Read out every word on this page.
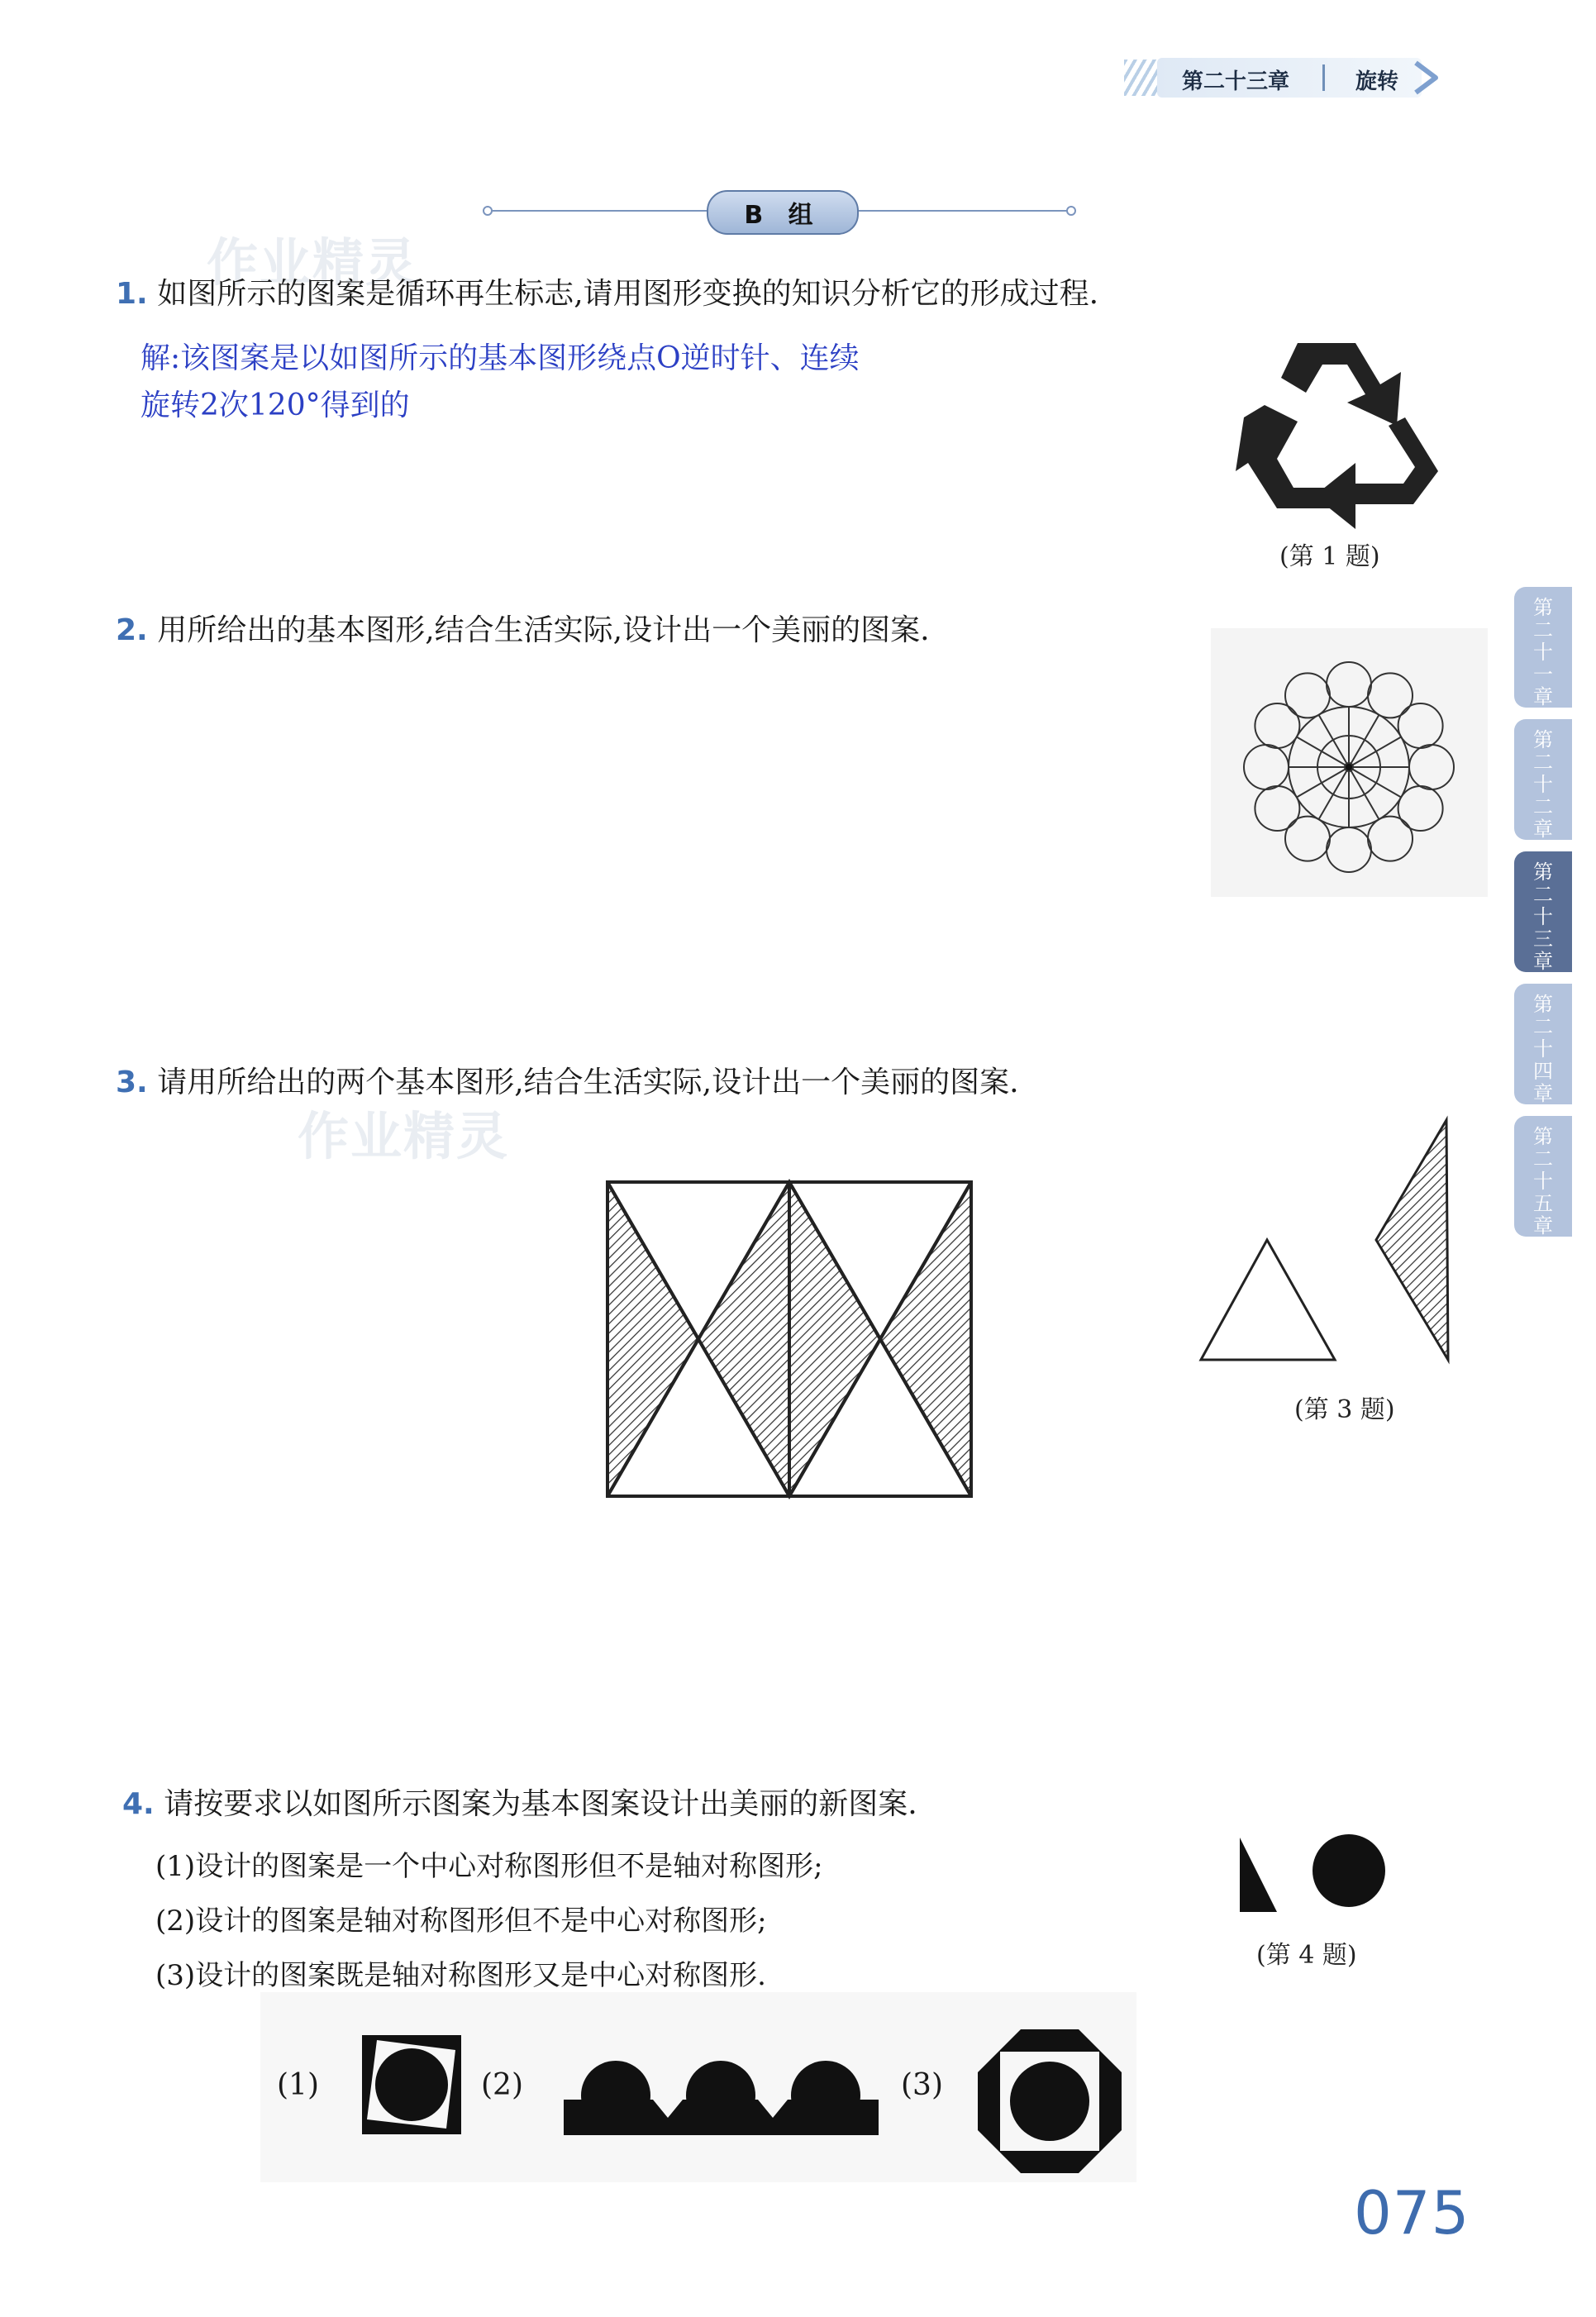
第二十三章	旋转
B 组
作业精灵
作业精灵
1. 如图所示的图案是循环再生标志,请用图形变换的知识分析它的形成过程.
解:该图案是以如图所示的基本图形绕点O逆时针、连续
旋转2次120°得到的
(第 1 题)
2. 用所给出的基本图形,结合生活实际,设计出一个美丽的图案.
3. 请用所给出的两个基本图形,结合生活实际,设计出一个美丽的图案.
(第 3 题)
4. 请按要求以如图所示图案为基本图案设计出美丽的新图案.
(1)设计的图案是一个中心对称图形但不是轴对称图形;
(2)设计的图案是轴对称图形但不是中心对称图形;
(3)设计的图案既是轴对称图形又是中心对称图形.
(第 4 题)
(1)	(2)	(3)
第
二
十
一
章
第
二
十
二
章
第
二
十
三
章
第
二
十
四
章
第
二
十
五
章
075
